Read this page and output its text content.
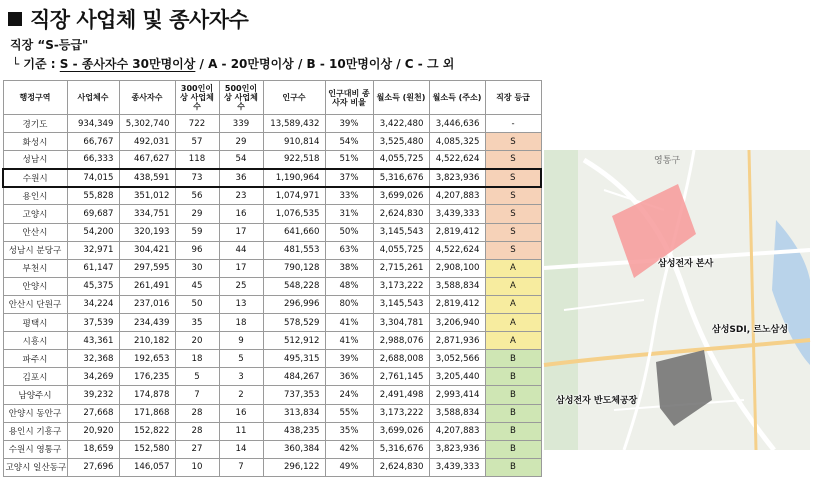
직장 사업체 및 종사자수
직장 “S-등급"
└ 기준 : S - 종사자수 30만명이상 / A - 20만명이상 / B - 10만명이상 / C - 그 외
행정구역	사업체수	종사자수	300인이상 사업체수	500인이상 사업체수	인구수	인구대비 종사자 비율	월소득 (원천)	월소득 (주소)	직장 등급
경기도	934,349	5,302,740	722	339	13,589,432	39%	3,422,480	3,446,636	-
화성시	66,767	492,031	57	29	910,814	54%	3,525,480	4,085,325	S
성남시	66,333	467,627	118	54	922,518	51%	4,055,725	4,522,624	S
수원시	74,015	438,591	73	36	1,190,964	37%	5,316,676	3,823,936	S
용인시	55,828	351,012	56	23	1,074,971	33%	3,699,026	4,207,883	S
고양시	69,687	334,751	29	16	1,076,535	31%	2,624,830	3,439,333	S
안산시	54,200	320,193	59	17	641,660	50%	3,145,543	2,819,412	S
성남시 분당구	32,971	304,421	96	44	481,553	63%	4,055,725	4,522,624	S
부천시	61,147	297,595	30	17	790,128	38%	2,715,261	2,908,100	A
안양시	45,375	261,491	45	25	548,228	48%	3,173,222	3,588,834	A
안산시 단원구	34,224	237,016	50	13	296,996	80%	3,145,543	2,819,412	A
평택시	37,539	234,439	35	18	578,529	41%	3,304,781	3,206,940	A
시흥시	43,361	210,182	20	9	512,912	41%	2,988,076	2,871,936	A
파주시	32,368	192,653	18	5	495,315	39%	2,688,008	3,052,566	B
김포시	34,269	176,235	5	3	484,267	36%	2,761,145	3,205,440	B
남양주시	39,232	174,878	7	2	737,353	24%	2,491,498	2,993,414	B
안양시 동안구	27,668	171,868	28	16	313,834	55%	3,173,222	3,588,834	B
용인시 기흥구	20,920	152,822	28	11	438,235	35%	3,699,026	4,207,883	B
수원시 영통구	18,659	152,580	27	14	360,384	42%	5,316,676	3,823,936	B
고양시 일산동구	27,696	146,057	10	7	296,122	49%	2,624,830	3,439,333	B
영통구
삼성전자 본사
삼성SDI, 르노삼성
삼성전자 반도체공장
